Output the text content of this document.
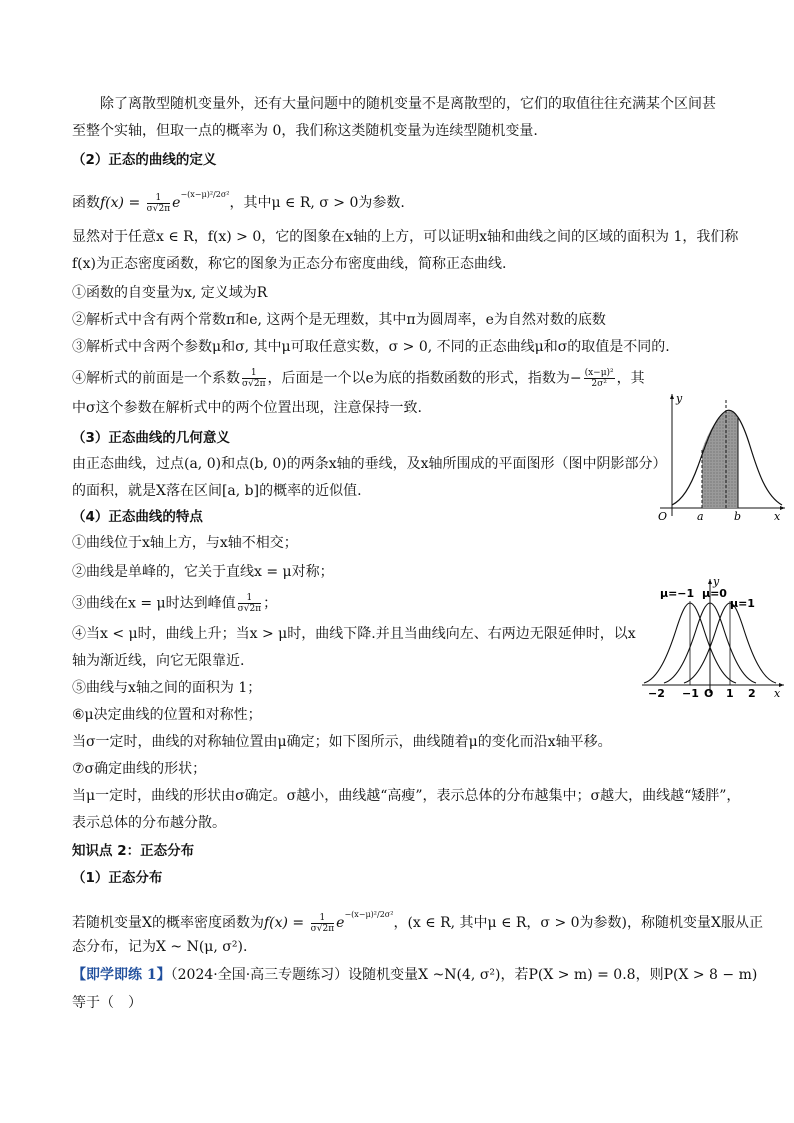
除了离散型随机变量外，还有大量问题中的随机变量不是离散型的，它们的取值往往充满某个区间甚
至整个实轴，但取一点的概率为 0，我们称这类随机变量为连续型随机变量.
（2）正态的曲线的定义
函数$f(x) = \frac{1}{\sigma√2\pi} e^{-(x-\mu)^2/2\sigma^2}$，其中μ ∈ R, σ > 0为参数.
显然对于任意x ∈ R，f(x) > 0，它的图象在x轴的上方，可以证明x轴和曲线之间的区域的面积为 1，我们称
f(x)为正态密度函数，称它的图象为正态分布密度曲线，简称正态曲线.
①函数的自变量为x, 定义域为R
②解析式中含有两个常数π和e, 这两个是无理数，其中π为圆周率，e为自然对数的底数
③解析式中含两个参数μ和σ, 其中μ可取任意实数，σ > 0, 不同的正态曲线μ和σ的取值是不同的.
④解析式的前面是一个系数 $\frac{1}{\sigma√2\pi}$ ，后面是一个以e为底的指数函数的形式，指数为− $\frac{\text{(x−μ)²}}{\text{2σ²}}$ ，其
中σ这个参数在解析式中的两个位置出现，注意保持一致.
（3）正态曲线的几何意义
由正态曲线，过点(a, 0)和点(b, 0)的两条x轴的垂线，及x轴所围成的平面图形（图中阴影部分）
的面积，就是X落在区间[a, b]的概率的近似值.
（4）正态曲线的特点
①曲线位于x轴上方，与x轴不相交；
②曲线是单峰的，它关于直线x = μ对称；
③曲线在x = μ时达到峰值 $\frac{1}{\sigma√2\pi}$ ；
④当x < μ时，曲线上升；当x > μ时，曲线下降.并且当曲线向左、右两边无限延伸时，以x
轴为渐近线，向它无限靠近.
⑤曲线与x轴之间的面积为 1；
⑥μ决定曲线的位置和对称性；
当σ一定时，曲线的对称轴位置由μ确定；如下图所示，曲线随着μ的变化而沿x轴平移。
⑦σ确定曲线的形状；
当μ一定时，曲线的形状由σ确定。σ越小，曲线越“高瘦”，表示总体的分布越集中；σ越大，曲线越“矮胖”，
表示总体的分布越分散。
知识点 2：正态分布
（1）正态分布
若随机变量X的概率密度函数为$f(x) = \frac{1}{\sigma√2\pi} e^{-(x-\mu)^2/2\sigma^2}$，(x ∈ R, 其中μ ∈ R，σ > 0为参数)，称随机变量X服从正
态分布，记为X ~ N(μ, σ²).
【即学即练 1】（2024·全国·高三专题练习）设随机变量X ~N(4, σ²)，若P(X > m) = 0.8，则P(X > 8 − m)
等于（　）
y
x
O	a	b
μ=−1 μ=0
μ=1
y
−2 −1 O 1 2 x
